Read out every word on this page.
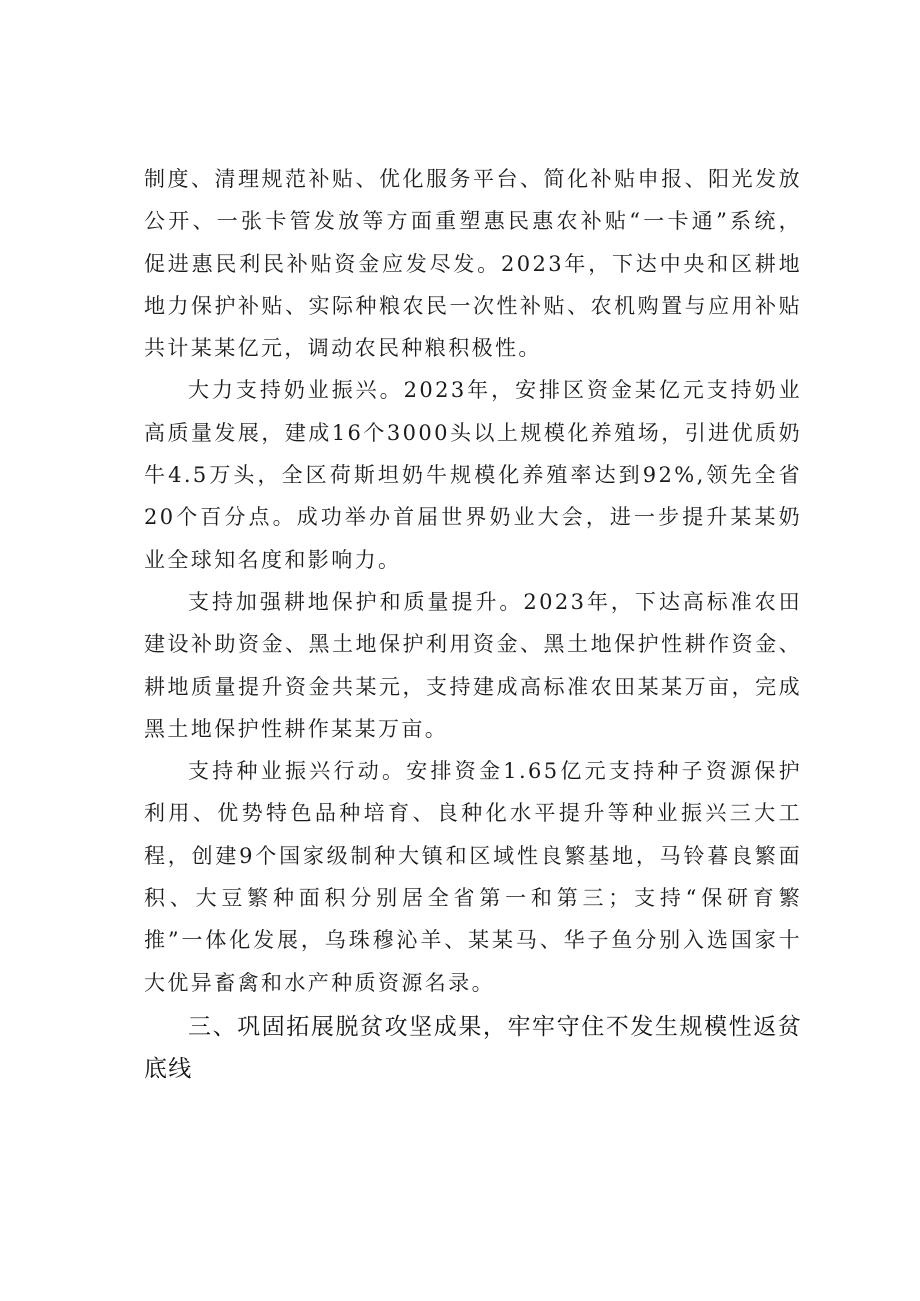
制度、清理规范补贴、优化服务平台、简化补贴申报、阳光发放公开、一张卡管发放等方面重塑惠民惠农补贴“一卡通”系统，促进惠民利民补贴资金应发尽发。2023年，下达中央和区耕地地力保护补贴、实际种粮农民一次性补贴、农机购置与应用补贴共计某某亿元，调动农民种粮积极性。

大力支持奶业振兴。2023年，安排区资金某亿元支持奶业高质量发展，建成16个3000头以上规模化养殖场，引进优质奶牛4.5万头，全区荷斯坦奶牛规模化养殖率达到92%,领先全省20个百分点。成功举办首届世界奶业大会，进一步提升某某奶业全球知名度和影响力。

支持加强耕地保护和质量提升。2023年，下达高标准农田建设补助资金、黑土地保护利用资金、黑土地保护性耕作资金、耕地质量提升资金共某元，支持建成高标准农田某某万亩，完成黑土地保护性耕作某某万亩。

支持种业振兴行动。安排资金1.65亿元支持种子资源保护利用、优势特色品种培育、良种化水平提升等种业振兴三大工程，创建9个国家级制种大镇和区域性良繁基地，马铃暮良繁面积、大豆繁种面积分别居全省第一和第三；支持“保研育繁推”一体化发展，乌珠穆沁羊、某某马、华子鱼分别入选国家十大优异畜禽和水产种质资源名录。

三、巩固拓展脱贫攻坚成果，牢牢守住不发生规模性返贫底线
